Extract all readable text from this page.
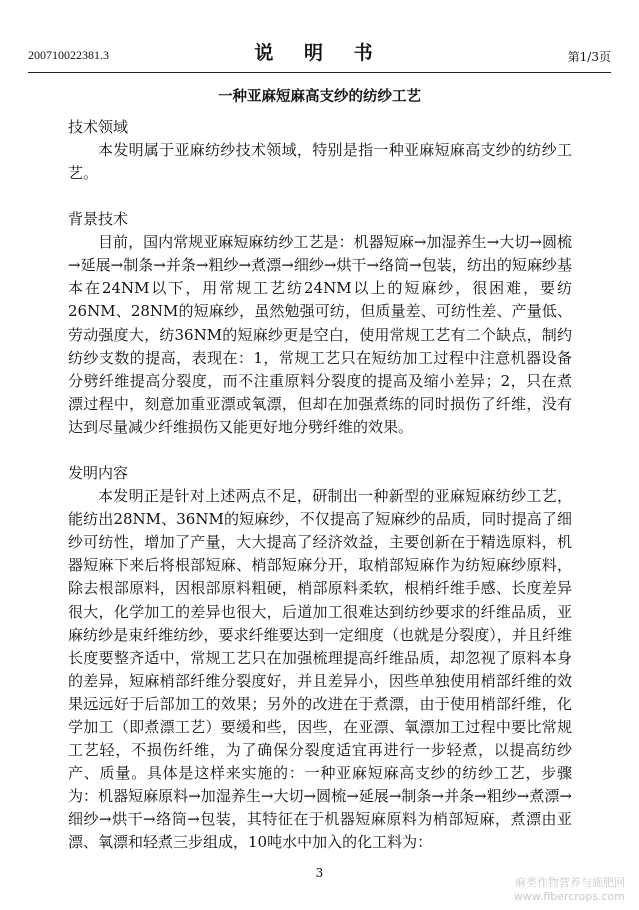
200710022381.3	说 明 书	第1/3页
一种亚麻短麻高支纱的纺纱工艺

技术领域

本发明属于亚麻纺纱技术领域，特别是指一种亚麻短麻高支纱的纺纱工艺。

背景技术

目前，国内常规亚麻短麻纺纱工艺是：机器短麻→加湿养生→大切→圆梳→延展→制条→并条→粗纱→煮漂→细纱→烘干→络筒→包装，纺出的短麻纱基本在24NM以下，用常规工艺纺24NM以上的短麻纱，很困难，要纺26NM、28NM的短麻纱，虽然勉强可纺，但质量差、可纺性差、产量低、劳动强度大，纺36NM的短麻纱更是空白，使用常规工艺有二个缺点，制约纺纱支数的提高，表现在：1，常规工艺只在短纺加工过程中注意机器设备分劈纤维提高分裂度，而不注重原料分裂度的提高及缩小差异；2，只在煮漂过程中，刻意加重亚漂或氧漂，但却在加强煮练的同时损伤了纤维，没有达到尽量减少纤维损伤又能更好地分劈纤维的效果。

发明内容

本发明正是针对上述两点不足，研制出一种新型的亚麻短麻纺纱工艺，能纺出28NM、36NM的短麻纱，不仅提高了短麻纱的品质，同时提高了细纱可纺性，增加了产量，大大提高了经济效益，主要创新在于精选原料，机器短麻下来后将根部短麻、梢部短麻分开，取梢部短麻作为纺短麻纱原料，除去根部原料，因根部原料粗硬，梢部原料柔软，根梢纤维手感、长度差异很大，化学加工的差异也很大，后道加工很难达到纺纱要求的纤维品质，亚麻纺纱是束纤维纺纱，要求纤维要达到一定细度（也就是分裂度），并且纤维长度要整齐适中，常规工艺只在加强梳理提高纤维品质，却忽视了原料本身的差异，短麻梢部纤维分裂度好，并且差异小，因些单独使用梢部纤维的效果远远好于后部加工的效果；另外的改进在于煮漂，由于使用梢部纤维，化学加工（即煮漂工艺）要缓和些，因些，在亚漂、氧漂加工过程中要比常规工艺轻，不损伤纤维，为了确保分裂度适宜再进行一步轻煮，以提高纺纱产、质量。具体是这样来实施的：一种亚麻短麻高支纱的纺纱工艺，步骤为：机器短麻原料→加湿养生→大切→圆梳→延展→制条→并条→粗纱→煮漂→细纱→烘干→络筒→包装，其特征在于机器短麻原料为梢部短麻，煮漂由亚漂、氧漂和轻煮三步组成，10吨水中加入的化工料为：

3
麻类作物营养与施肥网
www.fibercrops.com
